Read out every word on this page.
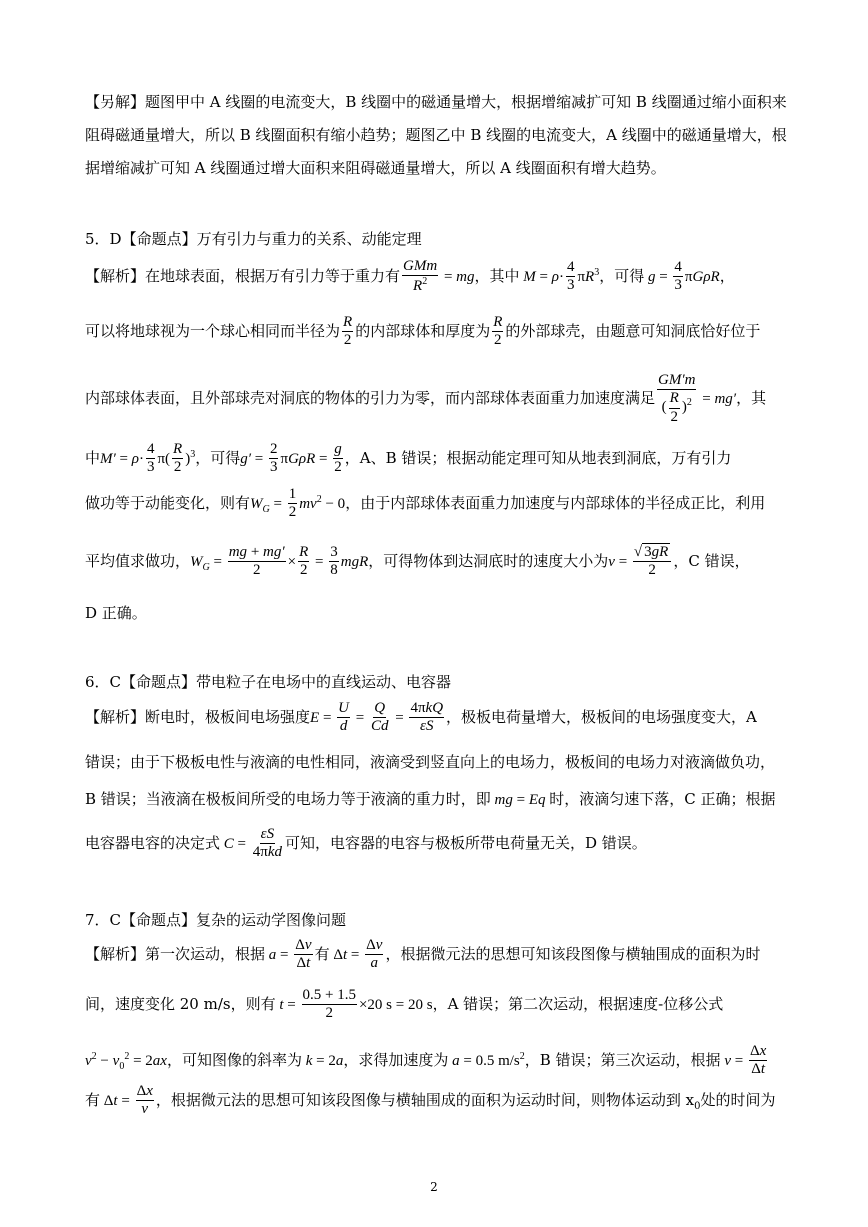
【另解】题图甲中 A 线圈的电流变大，B 线圈中的磁通量增大，根据增缩减扩可知 B 线圈通过缩小面积来
阻碍磁通量增大，所以 B 线圈面积有缩小趋势；题图乙中 B 线圈的电流变大，A 线圈中的磁通量增大，根
据增缩减扩可知 A 线圈通过增大面积来阻碍磁通量增大，所以 A 线圈面积有增大趋势。
5．D【命题点】万有引力与重力的关系、动能定理
【解析】在地球表面，根据万有引力等于重力有 $\frac{\text{GMm}}{R^2}$ = mg，其中 $M = \rho\cdot \frac{4}{3} \pi R^3$，可得 $g = \frac{4}{3}$ πGρR，
可以将地球视为一个球心相同而半径为 $\frac{R}{2}$ 的内部球体和厚度为 $\frac{R}{2}$ 的外部球壳，由题意可知洞底恰好位于
内部球体表面，且外部球壳对洞底的物体的引力为零，而内部球体表面重力加速度满足 $\frac{GM'm}{( \frac{R}{2} )^2} = mg'$，其
中$M' = \rho\cdot \frac{4}{3} \pi( \frac{R}{2} )^3$，可得$g' = \frac{2}{3}$ $\pi G\rho R = \frac{g}{2}$ ，A、B 错误；根据动能定理可知从地表到洞底，万有引力
做功等于动能变化，则有$W_G = \frac{1}{2} mv^2 - 0$，由于内部球体表面重力加速度与内部球体的半径成正比，利用
平均值求做功，$W_G = \frac{mg + mg'}{2} \times \frac{R}{2} = \frac{3}{8}$ mgR，可得物体到达洞底时的速度大小为$v = \frac{√ 3gR}{2}$ ，C 错误，
D 正确。
6．C【命题点】带电粒子在电场中的直线运动、电容器
【解析】断电时，极板间电场强度$E = \frac{U}{d} = \frac{Q}{Cd} = \frac{\text{4πkQ}}{\varepsilon S}$ ，极板电荷量增大，极板间的电场强度变大，A
错误；由于下极板电性与液滴的电性相同，液滴受到竖直向上的电场力，极板间的电场力对液滴做负功，
B 错误；当液滴在极板间所受的电场力等于液滴的重力时，即 mg = Eq 时，液滴匀速下落，C 正确；根据
电容器电容的决定式 $C = \frac{\varepsilon S}{\text{4πkd}}$ 可知，电容器的电容与极板所带电荷量无关，D 错误。
7．C【命题点】复杂的运动学图像问题
【解析】第一次运动，根据 $a = \frac{\Delta v}{\Delta t}$ 有 $\Delta t = \frac{\Delta v}{a}$ ，根据微元法的思想可知该段图像与横轴围成的面积为时
间，速度变化 20 m/s，则有 $t = \frac{0.5 + 1.5}{2} \times 20$ s = 20 s，A 错误；第二次运动，根据速度-位移公式
$v^2 - v_0^2 = 2ax$，可知图像的斜率为 k = 2a，求得加速度为 a = 0.5 $m/s^2$，B 错误；第三次运动，根据 $v = \frac{\Delta x}{\Delta t}$
有 $\Delta t = \frac{\Delta x}{v}$ ，根据微元法的思想可知该段图像与横轴围成的面积为运动时间，则物体运动到 $x_0$处的时间为
2
